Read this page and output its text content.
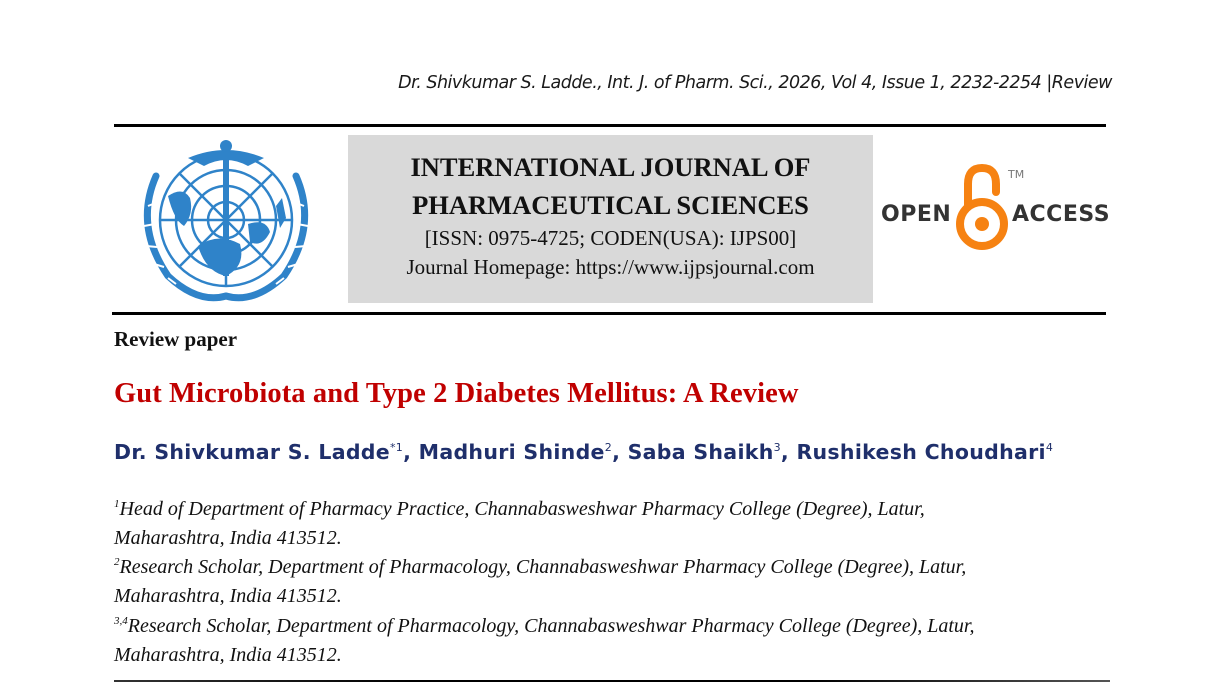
Dr. Shivkumar S. Ladde., Int. J. of Pharm. Sci., 2026, Vol 4, Issue 1, 2232-2254 |Review
INTERNATIONAL JOURNAL OF
PHARMACEUTICAL SCIENCES
[ISSN: 0975-4725; CODEN(USA): IJPS00]
Journal Homepage: https://www.ijpsjournal.com
OPEN
TM
ACCESS
Review paper
Gut Microbiota and Type 2 Diabetes Mellitus: A Review
Dr. Shivkumar S. Ladde$^{*1}$, Madhuri Shinde$^2$, Saba Shaikh$^3$, Rushikesh Choudhari$^4$
$^1$Head of Department of Pharmacy Practice, Channabasweshwar Pharmacy College (Degree), Latur,
Maharashtra, India 413512.
$^2$Research Scholar, Department of Pharmacology, Channabasweshwar Pharmacy College (Degree), Latur,
Maharashtra, India 413512.
$^{3,4}$Research Scholar, Department of Pharmacology, Channabasweshwar Pharmacy College (Degree), Latur,
Maharashtra, India 413512.
